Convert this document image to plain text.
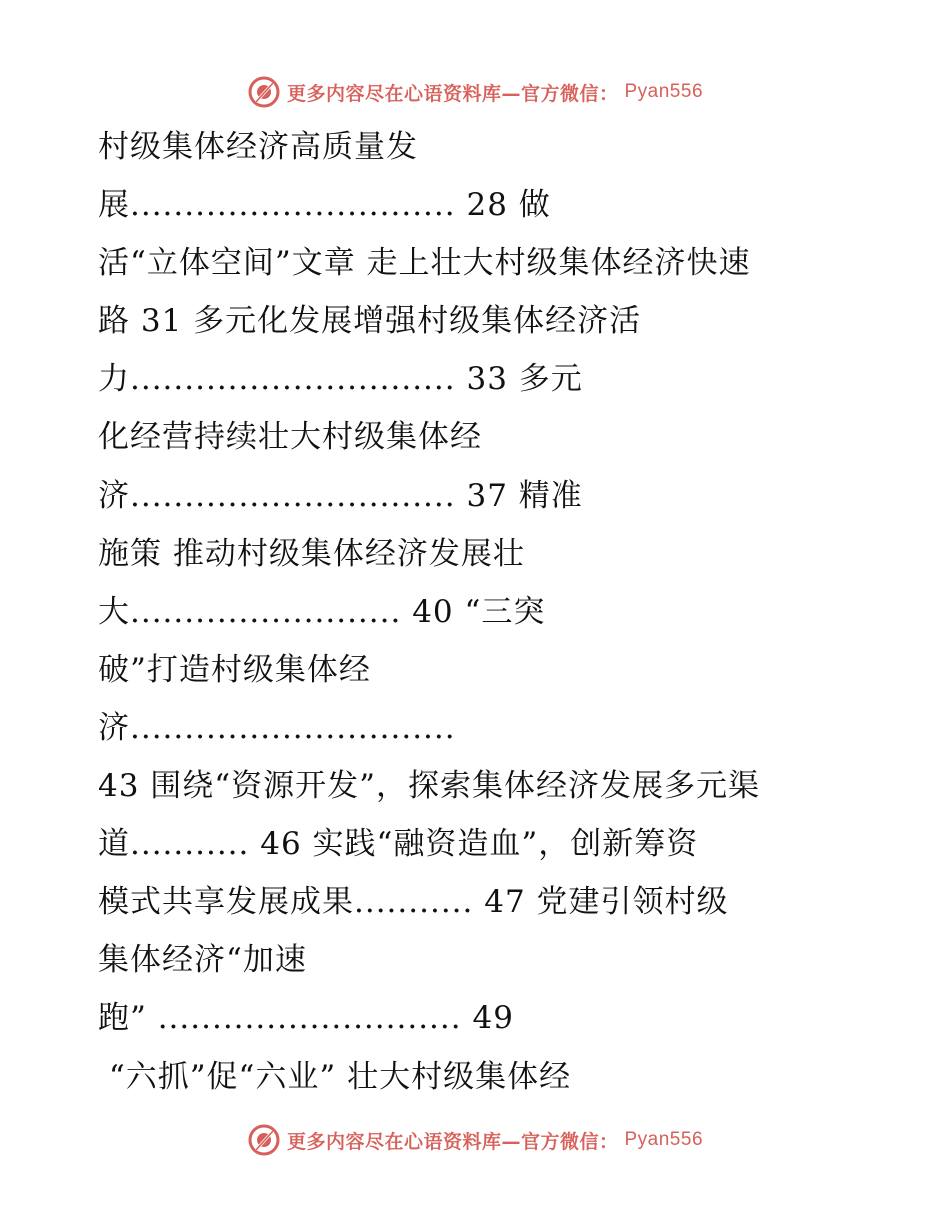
更多内容尽在心语资料库—官方微信： Pyan556
村级集体经济高质量发
展.............................. 28 做
活“立体空间”文章 走上壮大村级集体经济快速
路 31 多元化发展增强村级集体经济活
力.............................. 33 多元
化经营持续壮大村级集体经
济.............................. 37 精准
施策 推动村级集体经济发展壮
大......................... 40 “三突
破”打造村级集体经
济..............................
43 围绕“资源开发”，探索集体经济发展多元渠
道........... 46 实践“融资造血”，创新筹资
模式共享发展成果........... 47 党建引领村级
集体经济“加速
跑” ............................ 49
“六抓”促“六业” 壮大村级集体经
更多内容尽在心语资料库—官方微信： Pyan556
